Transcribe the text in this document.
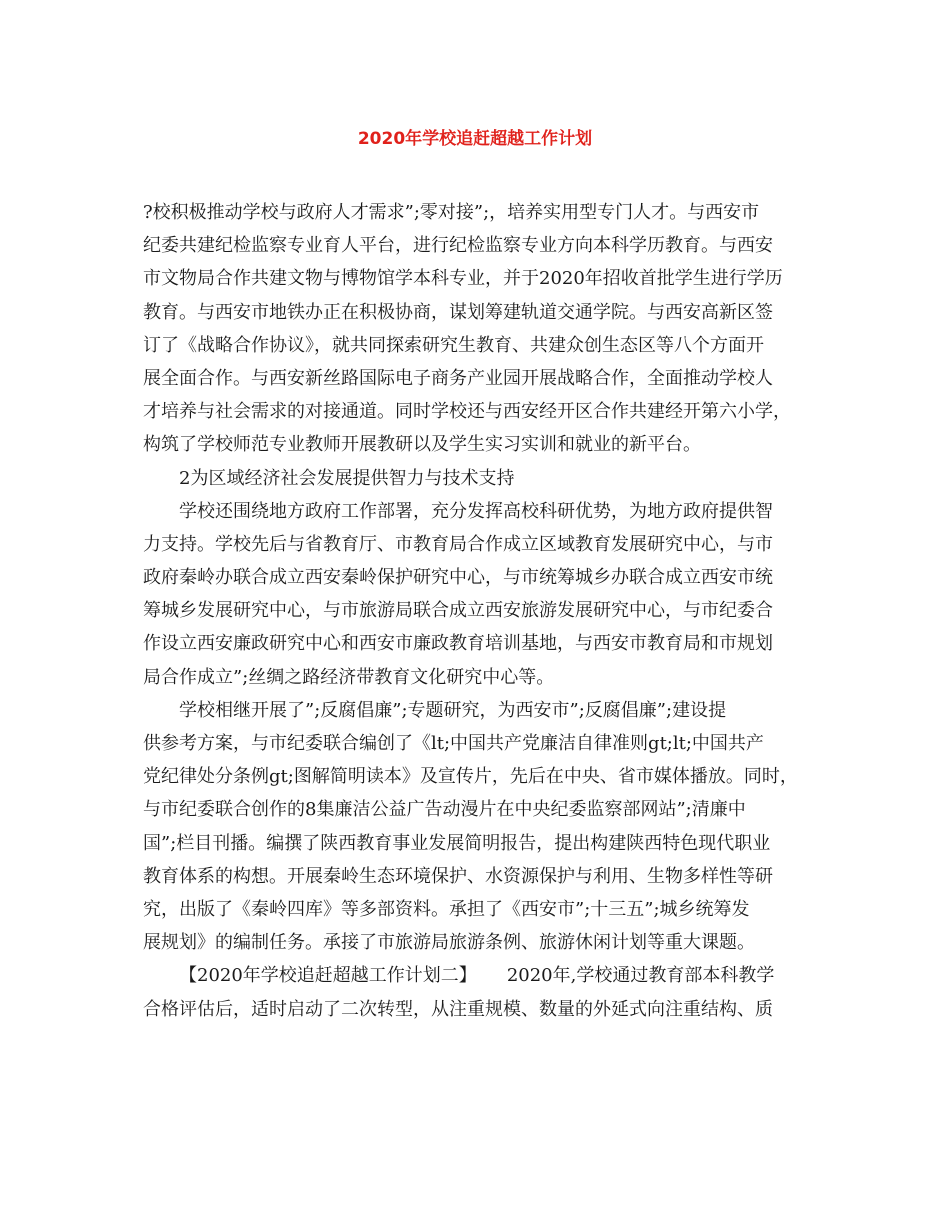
2020年学校追赶超越工作计划
?校积极推动学校与政府人才需求”;零对接”;，培养实用型专门人才。与西安市
纪委共建纪检监察专业育人平台，进行纪检监察专业方向本科学历教育。与西安
市文物局合作共建文物与博物馆学本科专业，并于2020年招收首批学生进行学历
教育。与西安市地铁办正在积极协商，谋划筹建轨道交通学院。与西安高新区签
订了《战略合作协议》，就共同探索研究生教育、共建众创生态区等八个方面开
展全面合作。与西安新丝路国际电子商务产业园开展战略合作，全面推动学校人
才培养与社会需求的对接通道。同时学校还与西安经开区合作共建经开第六小学，
构筑了学校师范专业教师开展教研以及学生实习实训和就业的新平台。
2为区域经济社会发展提供智力与技术支持
学校还围绕地方政府工作部署，充分发挥高校科研优势，为地方政府提供智
力支持。学校先后与省教育厅、市教育局合作成立区域教育发展研究中心，与市
政府秦岭办联合成立西安秦岭保护研究中心，与市统筹城乡办联合成立西安市统
筹城乡发展研究中心，与市旅游局联合成立西安旅游发展研究中心，与市纪委合
作设立西安廉政研究中心和西安市廉政教育培训基地，与西安市教育局和市规划
局合作成立”;丝绸之路经济带教育文化研究中心等。
学校相继开展了”;反腐倡廉”;专题研究，为西安市”;反腐倡廉”;建设提
供参考方案，与市纪委联合编创了《lt;中国共产党廉洁自律准则gt;lt;中国共产
党纪律处分条例gt;图解简明读本》及宣传片，先后在中央、省市媒体播放。同时，
与市纪委联合创作的8集廉洁公益广告动漫片在中央纪委监察部网站”;清廉中
国”;栏目刊播。编撰了陕西教育事业发展简明报告，提出构建陕西特色现代职业
教育体系的构想。开展秦岭生态环境保护、水资源保护与利用、生物多样性等研
究，出版了《秦岭四库》等多部资料。承担了《西安市”;十三五”;城乡统筹发
展规划》的编制任务。承接了市旅游局旅游条例、旅游休闲计划等重大课题。
【2020年学校追赶超越工作计划二】 2020年,学校通过教育部本科教学
合格评估后，适时启动了二次转型，从注重规模、数量的外延式向注重结构、质
